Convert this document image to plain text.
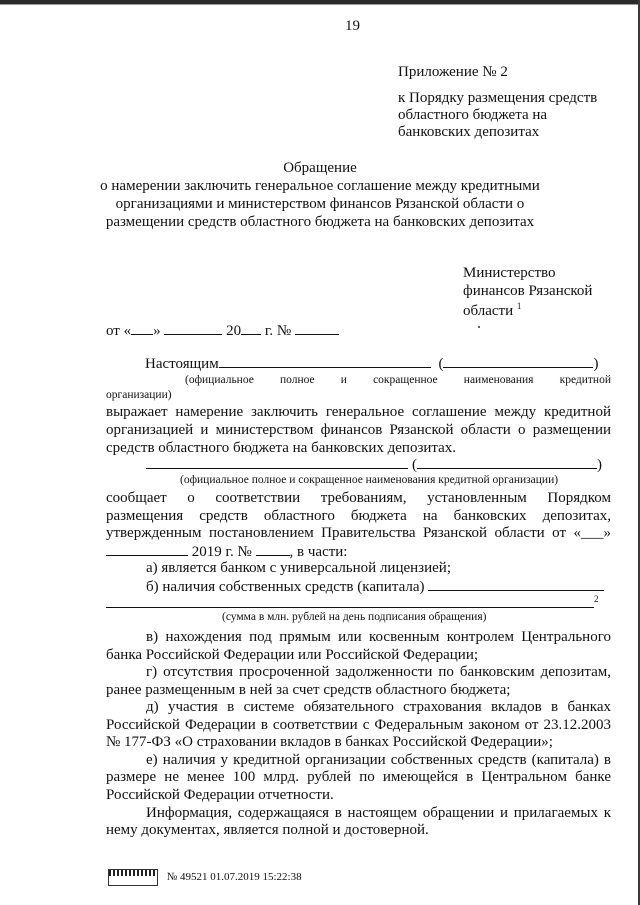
19
Приложение № 2
к Порядку размещения средств
областного бюджета на
банковских депозитах
Обращение
о намерении заключить генеральное соглашение между кредитными
организациями и министерством финансов Рязанской области о
размещении средств областного бюджета на банковских депозитах
Министерство
финансов Рязанской
области $^1$
от « »	20 г. №
Настоящим	(	)
(официальное полное и сокращенное наименования кредитной
организации)
выражает намерение заключить генеральное соглашение между кредитной
организацией и министерством финансов Рязанской области о размещении
средств областного бюджета на банковских депозитах.
(	)
(официальное полное и сокращенное наименования кредитной организации)
сообщает о соответствии требованиям, установленным Порядком
размещения средств областного бюджета на банковских депозитах,
утвержденным постановлением Правительства Рязанской области от «___»
2019 г. №	, в части:
а) является банком с универсальной лицензией;
б) наличия собственных средств (капитала)
$^2$
(сумма в млн. рублей на день подписания обращения)
в) нахождения под прямым или косвенным контролем Центрального
банка Российской Федерации или Российской Федерации;
г) отсутствия просроченной задолженности по банковским депозитам,
ранее размещенным в ней за счет средств областного бюджета;
д) участия в системе обязательного страхования вкладов в банках
Российской Федерации в соответствии с Федеральным законом от 23.12.2003
№ 177-ФЗ «О страховании вкладов в банках Российской Федерации»;
е) наличия у кредитной организации собственных средств (капитала) в
размере не менее 100 млрд. рублей по имеющейся в Центральном банке
Российской Федерации отчетности.
Информация, содержащаяся в настоящем обращении и прилагаемых к
нему документах, является полной и достоверной.
№ 49521 01.07.2019 15:22:38
